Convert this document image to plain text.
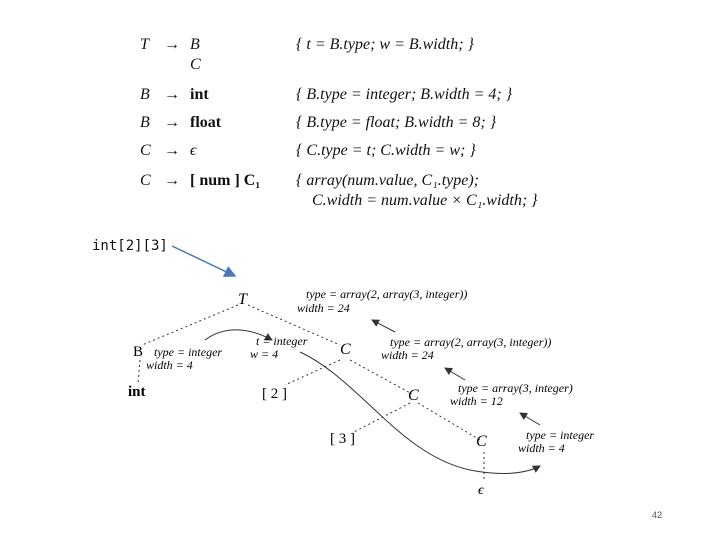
T → B	{ t = B.type; w = B.width; }
C
B → int	{ B.type = integer; B.width = 4; }
B → float	{ B.type = float; B.width = 8; }
C → ϵ	{ C.type = t; C.width = w; }
C → [ num ] C₁ { array(num.value, C₁.type);
C.width = num.value × C₁.width; }
int[2][3]
T
B
int
C
C
C
[ 2 ]
[ 3 ]
ϵ
type = array(2, array(3, integer))
width = 24
type = integer
width = 4
t = integer
w = 4
type = array(2, array(3, integer))
width = 24
type = array(3, integer)
width = 12
type = integer
width = 4
42
